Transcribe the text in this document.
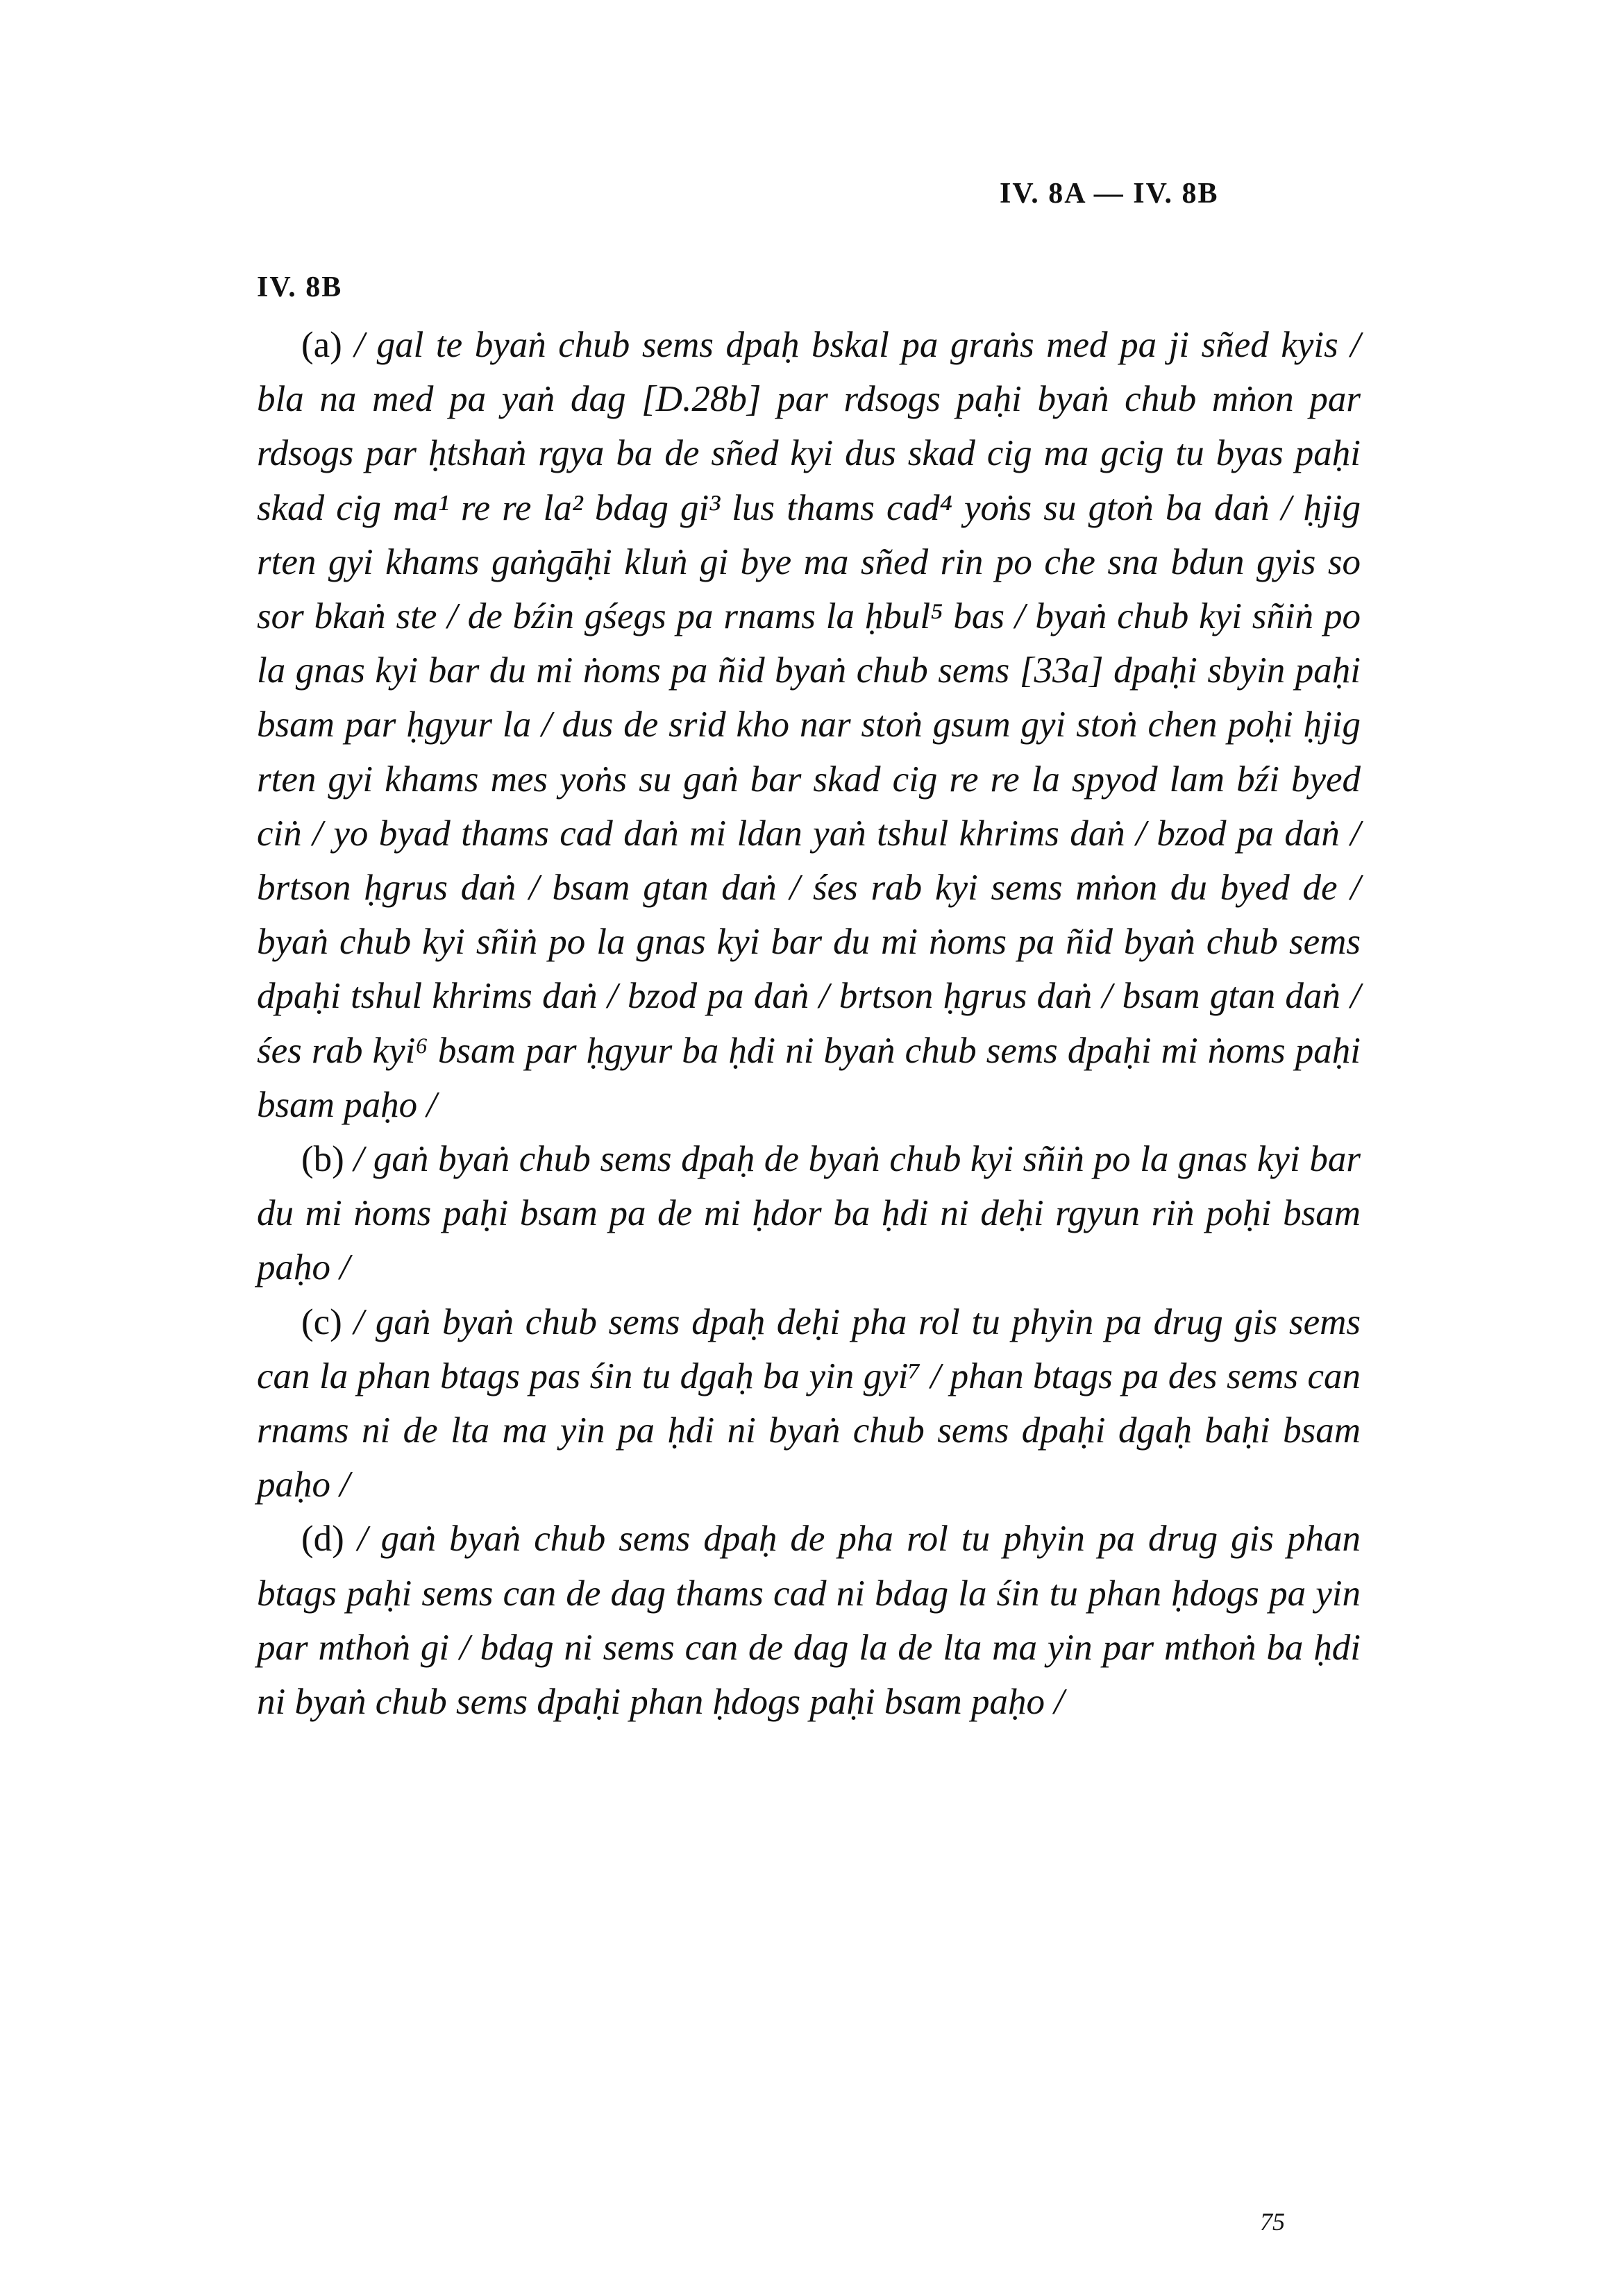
IV. 8A — IV. 8B
IV. 8B

(a) / gal te byaṅ chub sems dpaḥ bskal pa graṅs med pa ji sñed kyis / bla na med pa yaṅ dag [D.28b] par rdsogs paḥi byaṅ chub mṅon par rdsogs par ḥtshaṅ rgya ba de sñed kyi dus skad cig ma gcig tu byas paḥi skad cig ma¹ re re la² bdag gi³ lus thams cad⁴ yoṅs su gtoṅ ba daṅ / ḥjig rten gyi khams gaṅgāḥi kluṅ gi bye ma sñed rin po che sna bdun gyis so sor bkaṅ ste / de bźin gśegs pa rnams la ḥbul⁵ bas / byaṅ chub kyi sñiṅ po la gnas kyi bar du mi ṅoms pa ñid byaṅ chub sems [33a] dpaḥi sbyin paḥi bsam par ḥgyur la / dus de srid kho nar stoṅ gsum gyi stoṅ chen poḥi ḥjig rten gyi khams mes yoṅs su gaṅ bar skad cig re re la spyod lam bźi byed ciṅ / yo byad thams cad daṅ mi ldan yaṅ tshul khrims daṅ / bzod pa daṅ / brtson ḥgrus daṅ / bsam gtan daṅ / śes rab kyi sems mṅon du byed de / byaṅ chub kyi sñiṅ po la gnas kyi bar du mi ṅoms pa ñid byaṅ chub sems dpaḥi tshul khrims daṅ / bzod pa daṅ / brtson ḥgrus daṅ / bsam gtan daṅ / śes rab kyi⁶ bsam par ḥgyur ba ḥdi ni byaṅ chub sems dpaḥi mi ṅoms paḥi bsam paḥo /

(b) / gaṅ byaṅ chub sems dpaḥ de byaṅ chub kyi sñiṅ po la gnas kyi bar du mi ṅoms paḥi bsam pa de mi ḥdor ba ḥdi ni deḥi rgyun riṅ poḥi bsam paḥo /

(c) / gaṅ byaṅ chub sems dpaḥ deḥi pha rol tu phyin pa drug gis sems can la phan btags pas śin tu dgaḥ ba yin gyi⁷ / phan btags pa des sems can rnams ni de lta ma yin pa ḥdi ni byaṅ chub sems dpaḥi dgaḥ baḥi bsam paḥo /

(d) / gaṅ byaṅ chub sems dpaḥ de pha rol tu phyin pa drug gis phan btags paḥi sems can de dag thams cad ni bdag la śin tu phan ḥdogs pa yin par mthoṅ gi / bdag ni sems can de dag la de lta ma yin par mthoṅ ba ḥdi ni byaṅ chub sems dpaḥi phan ḥdogs paḥi bsam paḥo /

75
